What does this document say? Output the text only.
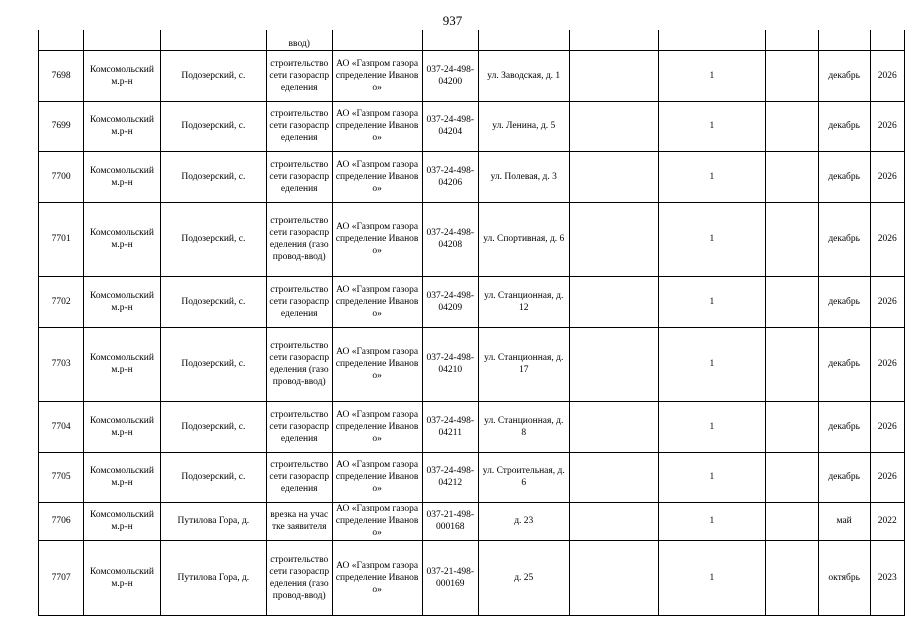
937
			ввод)								
7698	Комсомольский м.р-н	Подозерский, с.	строительство сети газораспределения	АО «Газпром газораспределение Иваново»	037-24-498-04200	ул. Заводская, д. 1		1		декабрь	2026
7699	Комсомольский м.р-н	Подозерский, с.	строительство сети газораспределения	АО «Газпром газораспределение Иваново»	037-24-498-04204	ул. Ленина, д. 5		1		декабрь	2026
7700	Комсомольский м.р-н	Подозерский, с.	строительство сети газораспределения	АО «Газпром газораспределение Иваново»	037-24-498-04206	ул. Полевая, д. 3		1		декабрь	2026
7701	Комсомольский м.р-н	Подозерский, с.	строительство сети газораспределения (газопровод-ввод)	АО «Газпром газораспределение Иваново»	037-24-498-04208	ул. Спортивная, д. 6		1		декабрь	2026
7702	Комсомольский м.р-н	Подозерский, с.	строительство сети газораспределения	АО «Газпром газораспределение Иваново»	037-24-498-04209	ул. Станционная, д. 12		1		декабрь	2026
7703	Комсомольский м.р-н	Подозерский, с.	строительство сети газораспределения (газопровод-ввод)	АО «Газпром газораспределение Иваново»	037-24-498-04210	ул. Станционная, д. 17		1		декабрь	2026
7704	Комсомольский м.р-н	Подозерский, с.	строительство сети газораспределения	АО «Газпром газораспределение Иваново»	037-24-498-04211	ул. Станционная, д. 8		1		декабрь	2026
7705	Комсомольский м.р-н	Подозерский, с.	строительство сети газораспределения	АО «Газпром газораспределение Иваново»	037-24-498-04212	ул. Строительная, д. 6		1		декабрь	2026
7706	Комсомольский м.р-н	Путилова Гора, д.	врезка на участке заявителя	АО «Газпром газораспределение Иваново»	037-21-498-000168	д. 23		1		май	2022
7707	Комсомольский м.р-н	Путилова Гора, д.	строительство сети газораспределения (газопровод-ввод)	АО «Газпром газораспределение Иваново»	037-21-498-000169	д. 25		1		октябрь	2023
